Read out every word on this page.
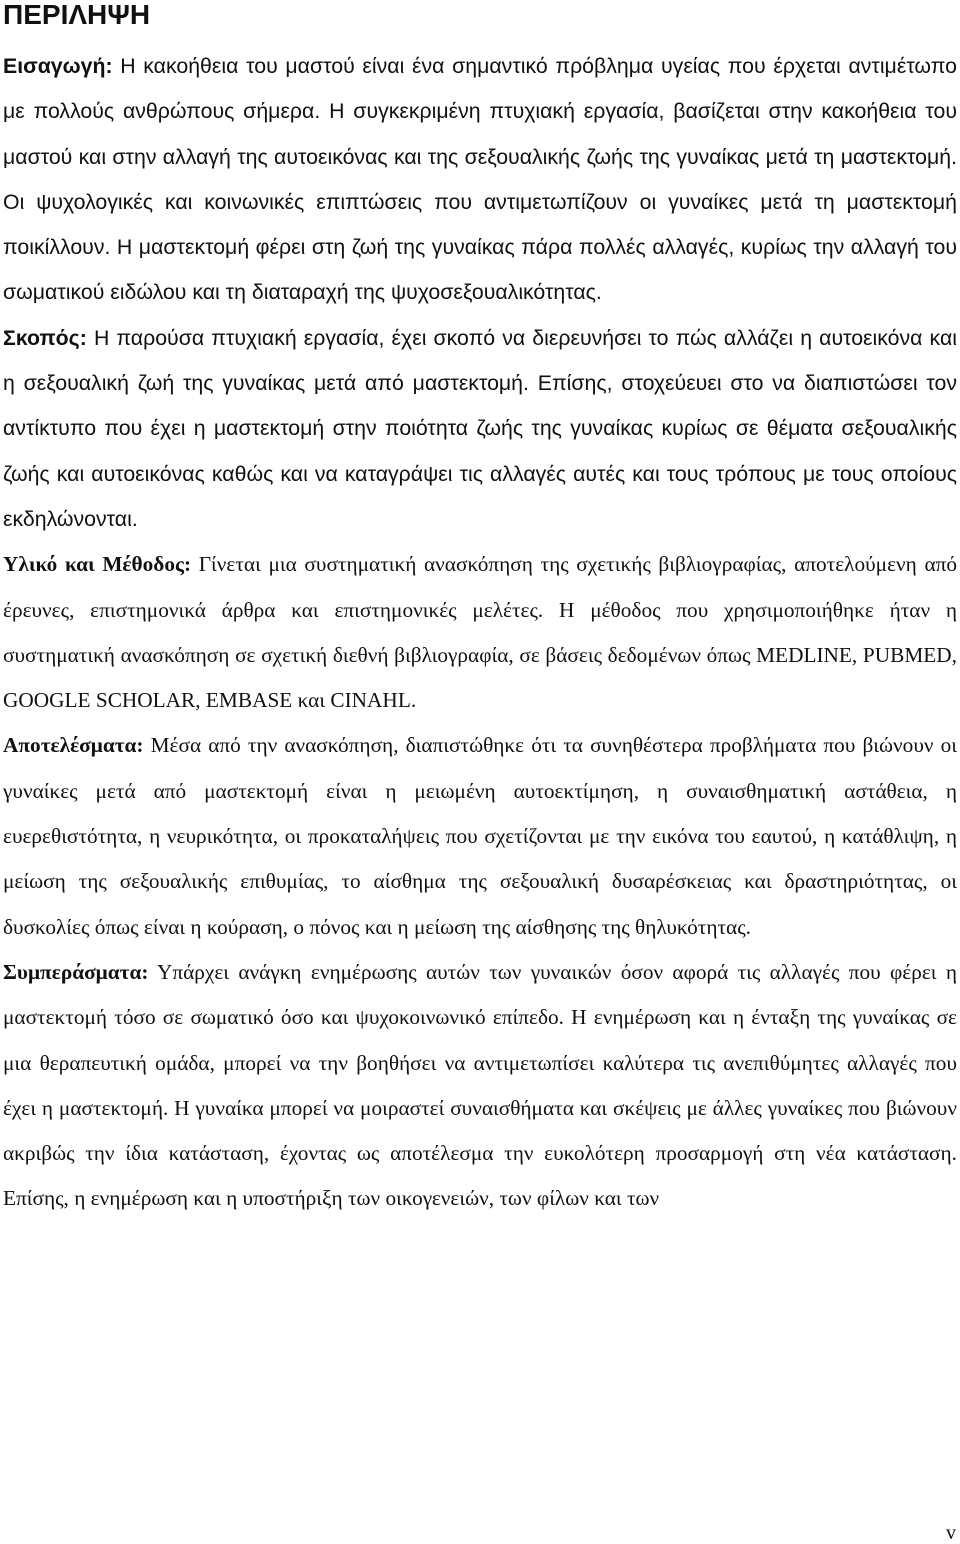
ΠΕΡΙΛΗΨΗ

Εισαγωγή: Η κακοήθεια του μαστού είναι ένα σημαντικό πρόβλημα υγείας που έρχεται αντιμέτωπο με πολλούς ανθρώπους σήμερα. Η συγκεκριμένη πτυχιακή εργασία, βασίζεται στην κακοήθεια του μαστού και στην αλλαγή της αυτοεικόνας και της σεξουαλικής ζωής της γυναίκας μετά τη μαστεκτομή. Οι ψυχολογικές και κοινωνικές επιπτώσεις που αντιμετωπίζουν οι γυναίκες μετά τη μαστεκτομή ποικίλλουν. Η μαστεκτομή φέρει στη ζωή της γυναίκας πάρα πολλές αλλαγές, κυρίως την αλλαγή του σωματικού ειδώλου και τη διαταραχή της ψυχοσεξουαλικότητας.

Σκοπός: Η παρούσα πτυχιακή εργασία, έχει σκοπό να διερευνήσει το πώς αλλάζει η αυτοεικόνα και η σεξουαλική ζωή της γυναίκας μετά από μαστεκτομή. Επίσης, στοχεύευει στο να διαπιστώσει τον αντίκτυπο που έχει η μαστεκτομή στην ποιότητα ζωής της γυναίκας κυρίως σε θέματα σεξουαλικής ζωής και αυτοεικόνας καθώς και να καταγράψει τις αλλαγές αυτές και τους τρόπους με τους οποίους εκδηλώνονται.

Υλικό και Μέθοδος: Γίνεται μια συστηματική ανασκόπηση της σχετικής βιβλιογραφίας, αποτελούμενη από έρευνες, επιστημονικά άρθρα και επιστημονικές μελέτες. Η μέθοδος που χρησιμοποιήθηκε ήταν η συστηματική ανασκόπηση σε σχετική διεθνή βιβλιογραφία, σε βάσεις δεδομένων όπως MEDLINE, PUBMED, GOOGLE SCHOLAR, EMBASE και CINAHL.

Αποτελέσματα: Μέσα από την ανασκόπηση, διαπιστώθηκε ότι τα συνηθέστερα προβλήματα που βιώνουν οι γυναίκες μετά από μαστεκτομή είναι η μειωμένη αυτοεκτίμηση, η συναισθηματική αστάθεια, η ευερεθιστότητα, η νευρικότητα, οι προκαταλήψεις που σχετίζονται με την εικόνα του εαυτού, η κατάθλιψη, η μείωση της σεξουαλικής επιθυμίας, το αίσθημα της σεξουαλική δυσαρέσκειας και δραστηριότητας, οι δυσκολίες όπως είναι η κούραση, ο πόνος και η μείωση της αίσθησης της θηλυκότητας.

Συμπεράσματα: Υπάρχει ανάγκη ενημέρωσης αυτών των γυναικών όσον αφορά τις αλλαγές που φέρει η μαστεκτομή τόσο σε σωματικό όσο και ψυχοκοινωνικό επίπεδο. Η ενημέρωση και η ένταξη της γυναίκας σε μια θεραπευτική ομάδα, μπορεί να την βοηθήσει να αντιμετωπίσει καλύτερα τις ανεπιθύμητες αλλαγές που έχει η μαστεκτομή. Η γυναίκα μπορεί να μοιραστεί συναισθήματα και σκέψεις με άλλες γυναίκες που βιώνουν ακριβώς την ίδια κατάσταση, έχοντας ως αποτέλεσμα την ευκολότερη προσαρμογή στη νέα κατάσταση. Επίσης, η ενημέρωση και η υποστήριξη των οικογενειών, των φίλων και των

v
